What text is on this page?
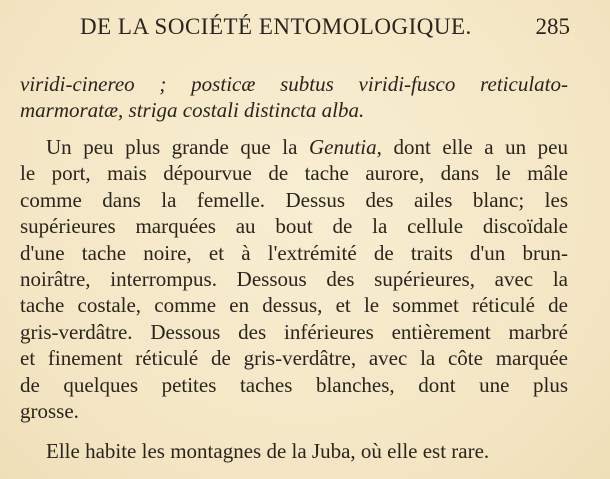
DE LA SOCIÉTÉ ENTOMOLOGIQUE.	285
viridi-cinereo ; posticæ subtus viridi-fusco reticulato-
marmoratæ, striga costali distincta alba.
Un peu plus grande que la Genutia, dont elle a un peu
le port, mais dépourvue de tache aurore, dans le mâle
comme dans la femelle. Dessus des ailes blanc; les
supérieures marquées au bout de la cellule discoïdale
d'une tache noire, et à l'extrémité de traits d'un brun-
noirâtre, interrompus. Dessous des supérieures, avec la
tache costale, comme en dessus, et le sommet réticulé de
gris-verdâtre. Dessous des inférieures entièrement marbré
et finement réticulé de gris-verdâtre, avec la côte marquée
de quelques petites taches blanches, dont une plus
grosse.
Elle habite les montagnes de la Juba, où elle est rare.
